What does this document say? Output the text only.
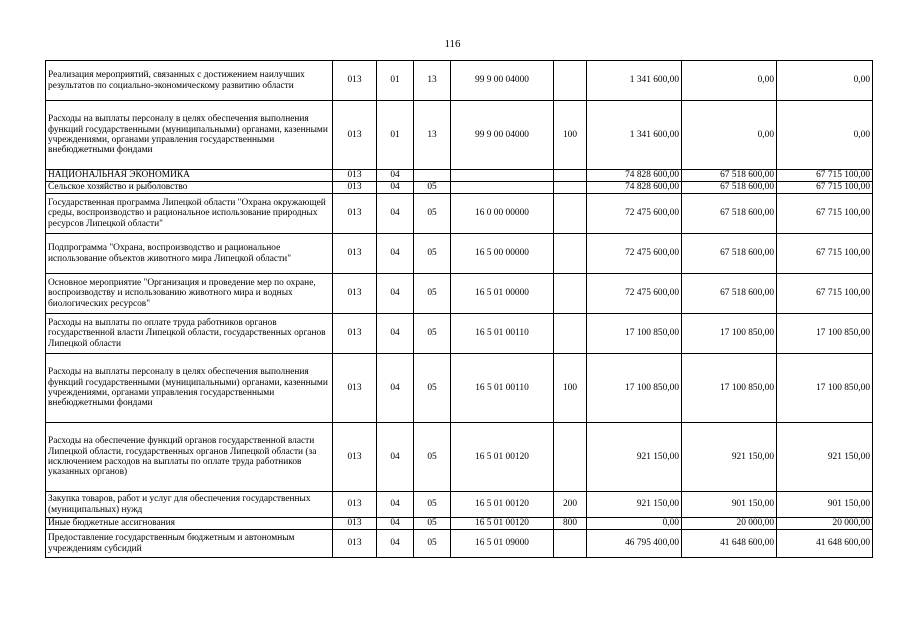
116
Реализация мероприятий, связанных с достижением наилучших результатов по социально-экономическому развитию области	013	01	13	99 9 00 04000		1 341 600,00	0,00	0,00
Расходы на выплаты персоналу в целях обеспечения выполнения функций государственными (муниципальными) органами, казенными учреждениями, органами управления государственными внебюджетными фондами	013	01	13	99 9 00 04000	100	1 341 600,00	0,00	0,00
НАЦИОНАЛЬНАЯ ЭКОНОМИКА	013	04				74 828 600,00	67 518 600,00	67 715 100,00
Сельское хозяйство и рыболовство	013	04	05			74 828 600,00	67 518 600,00	67 715 100,00
Государственная программа Липецкой области "Охрана окружающей среды, воспроизводство и рациональное использование природных ресурсов Липецкой области"	013	04	05	16 0 00 00000		72 475 600,00	67 518 600,00	67 715 100,00
Подпрограмма "Охрана, воспроизводство и рациональное использование объектов животного мира Липецкой области"	013	04	05	16 5 00 00000		72 475 600,00	67 518 600,00	67 715 100,00
Основное мероприятие "Организация и проведение мер по охране, воспроизводству и использованию животного мира и водных биологических ресурсов"	013	04	05	16 5 01 00000		72 475 600,00	67 518 600,00	67 715 100,00
Расходы на выплаты по оплате труда работников органов государственной власти Липецкой области, государственных органов Липецкой области	013	04	05	16 5 01 00110		17 100 850,00	17 100 850,00	17 100 850,00
Расходы на выплаты персоналу в целях обеспечения выполнения функций государственными (муниципальными) органами, казенными учреждениями, органами управления государственными внебюджетными фондами	013	04	05	16 5 01 00110	100	17 100 850,00	17 100 850,00	17 100 850,00
Расходы на обеспечение функций органов государственной власти Липецкой области, государственных органов Липецкой области (за исключением расходов на выплаты по оплате труда работников указанных органов)	013	04	05	16 5 01 00120		921 150,00	921 150,00	921 150,00
Закупка товаров, работ и услуг для обеспечения государственных (муниципальных) нужд	013	04	05	16 5 01 00120	200	921 150,00	901 150,00	901 150,00
Иные бюджетные ассигнования	013	04	05	16 5 01 00120	800	0,00	20 000,00	20 000,00
Предоставление государственным бюджетным и автономным учреждениям субсидий	013	04	05	16 5 01 09000		46 795 400,00	41 648 600,00	41 648 600,00
